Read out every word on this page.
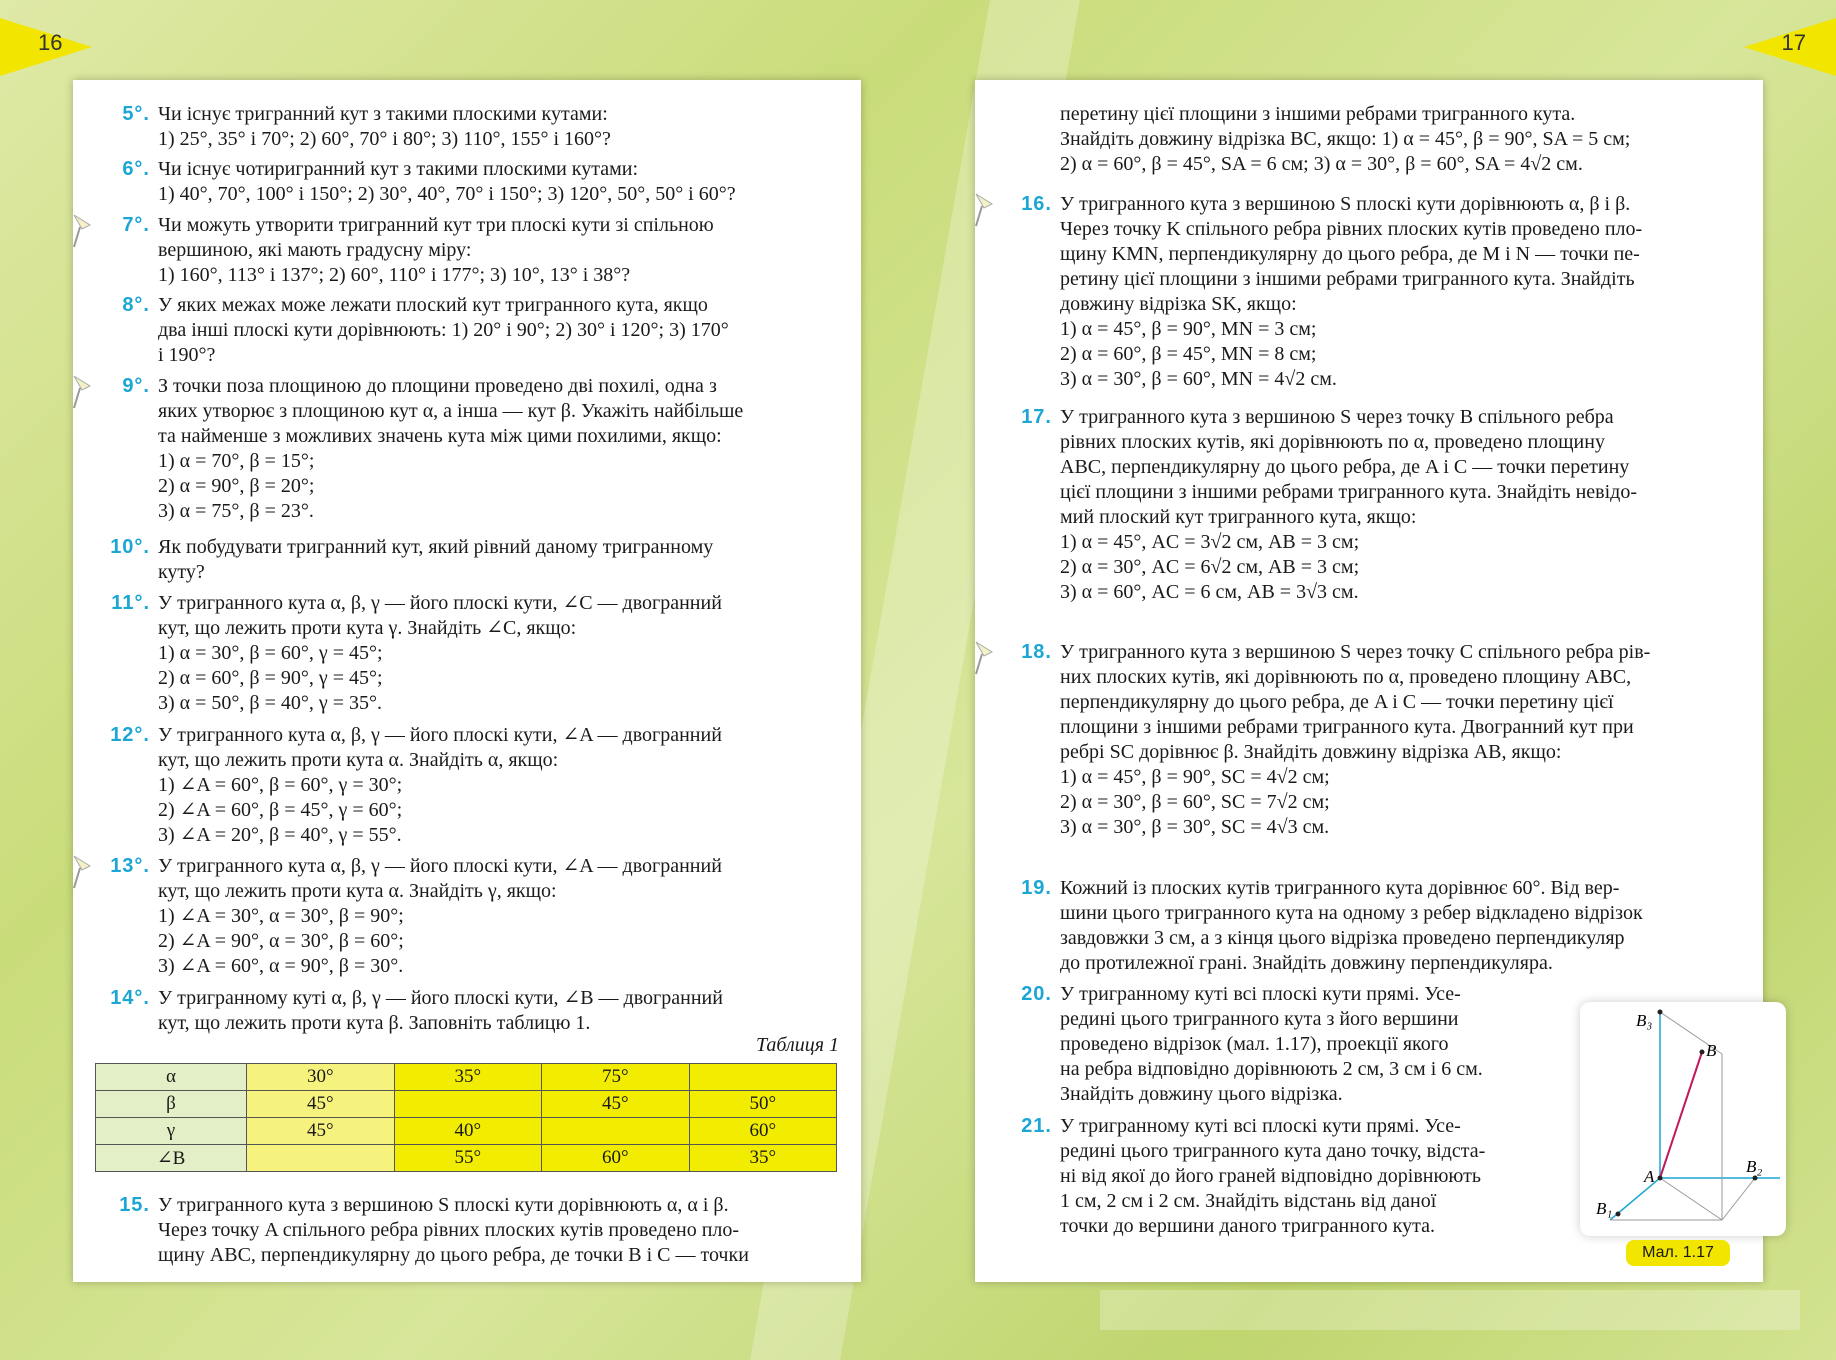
16	17
5°. Чи існує тригранний кут з такими плоскими кутами:
1) 25°, 35° і 70°; 2) 60°, 70° і 80°; 3) 110°, 155° і 160°?
6°. Чи існує чотиригранний кут з такими плоскими кутами:
1) 40°, 70°, 100° і 150°; 2) 30°, 40°, 70° і 150°; 3) 120°, 50°, 50° і 60°?
7°. Чи можуть утворити тригранний кут три плоскі кути зі спільною
вершиною, які мають градусну міру:
1) 160°, 113° і 137°; 2) 60°, 110° і 177°; 3) 10°, 13° і 38°?
8°. У яких межах може лежати плоский кут тригранного кута, якщо
два інші плоскі кути дорівнюють: 1) 20° і 90°; 2) 30° і 120°; 3) 170°
і 190°?
9°. З точки поза площиною до площини проведено дві похилі, одна з
яких утворює з площиною кут α, а інша — кут β. Укажіть найбільше
та найменше з можливих значень кута між цими похилими, якщо:
1) α = 70°, β = 15°;
2) α = 90°, β = 20°;
3) α = 75°, β = 23°.
10°. Як побудувати тригранний кут, який рівний даному тригранному
куту?
11°. У тригранного кута α, β, γ — його плоскі кути, ∠C — двогранний
кут, що лежить проти кута γ. Знайдіть ∠C, якщо:
1) α = 30°, β = 60°, γ = 45°;
2) α = 60°, β = 90°, γ = 45°;
3) α = 50°, β = 40°, γ = 35°.
12°. У тригранного кута α, β, γ — його плоскі кути, ∠A — двогранний
кут, що лежить проти кута α. Знайдіть α, якщо:
1) ∠A = 60°, β = 60°, γ = 30°;
2) ∠A = 60°, β = 45°, γ = 60°;
3) ∠A = 20°, β = 40°, γ = 55°.
13°. У тригранного кута α, β, γ — його плоскі кути, ∠A — двогранний
кут, що лежить проти кута α. Знайдіть γ, якщо:
1) ∠A = 30°, α = 30°, β = 90°;
2) ∠A = 90°, α = 30°, β = 60°;
3) ∠A = 60°, α = 90°, β = 30°.
14°. У тригранному куті α, β, γ — його плоскі кути, ∠B — двогранний
кут, що лежить проти кута β. Заповніть таблицю 1.
15. У тригранного кута з вершиною S плоскі кути дорівнюють α, α і β.
Через точку A спільного ребра рівних плоских кутів проведено пло-
щину ABC, перпендикулярну до цього ребра, де точки B і C — точки
Таблиця 1
α	30°	35°	75°	
β	45°		45°	50°
γ	45°	40°		60°
∠B		55°	60°	35°
перетину цієї площини з іншими ребрами тригранного кута.
Знайдіть довжину відрізка BC, якщо: 1) α = 45°, β = 90°, SA = 5 см;
2) α = 60°, β = 45°, SA = 6 см; 3) α = 30°, β = 60°, SA = 4√2 см.
16. У тригранного кута з вершиною S плоскі кути дорівнюють α, β і β.
Через точку K спільного ребра рівних плоских кутів проведено пло-
щину KMN, перпендикулярну до цього ребра, де M і N — точки пе-
ретину цієї площини з іншими ребрами тригранного кута. Знайдіть
довжину відрізка SK, якщо:
1) α = 45°, β = 90°, MN = 3 см;
2) α = 60°, β = 45°, MN = 8 см;
3) α = 30°, β = 60°, MN = 4√2 см.
17. У тригранного кута з вершиною S через точку B спільного ребра
рівних плоских кутів, які дорівнюють по α, проведено площину
ABC, перпендикулярну до цього ребра, де A і C — точки перетину
цієї площини з іншими ребрами тригранного кута. Знайдіть невідо-
мий плоский кут тригранного кута, якщо:
1) α = 45°, AC = 3√2 см, AB = 3 см;
2) α = 30°, AC = 6√2 см, AB = 3 см;
3) α = 60°, AC = 6 см, AB = 3√3 см.
18. У тригранного кута з вершиною S через точку C спільного ребра рів-
них плоских кутів, які дорівнюють по α, проведено площину ABC,
перпендикулярну до цього ребра, де A і C — точки перетину цієї
площини з іншими ребрами тригранного кута. Двогранний кут при
ребрі SC дорівнює β. Знайдіть довжину відрізка AB, якщо:
1) α = 45°, β = 90°, SC = 4√2 см;
2) α = 30°, β = 60°, SC = 7√2 см;
3) α = 30°, β = 30°, SC = 4√3 см.
19. Кожний із плоских кутів тригранного кута дорівнює 60°. Від вер-
шини цього тригранного кута на одному з ребер відкладено відрізок
завдовжки 3 см, а з кінця цього відрізка проведено перпендикуляр
до протилежної грані. Знайдіть довжину перпендикуляра.
20. У тригранному куті всі плоскі кути прямі. Усе-
редині цього тригранного кута з його вершини
проведено відрізок (мал. 1.17), проекції якого
на ребра відповідно дорівнюють 2 см, 3 см і 6 см.
Знайдіть довжину цього відрізка.
21. У тригранному куті всі плоскі кути прямі. Усе-
редині цього тригранного кута дано точку, відста-
ні від якої до його граней відповідно дорівнюють
1 см, 2 см і 2 см. Знайдіть відстань від даної
точки до вершини даного тригранного кута.
B₃
B
A
B₂
B₁
Мал. 1.17
